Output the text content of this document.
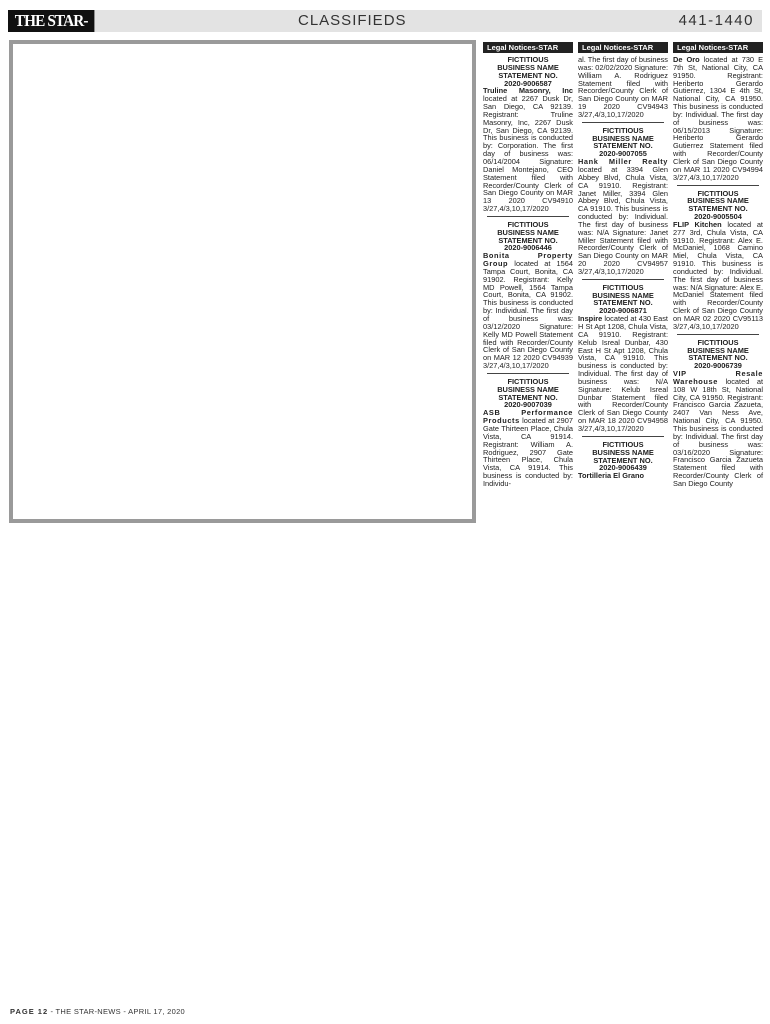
THE STAR-	CLASSIFIEDS	441-1440
Legal Notices-STAR
FICTITIOUS
BUSINESS NAME
STATEMENT NO.
2020-9006587
Truline Masonry, Inc located at 2267 Dusk Dr, San Diego, CA 92139. Registrant: Truline Masonry, Inc, 2267 Dusk Dr, San Diego, CA 92139. This business is conducted by: Corporation. The first day of business was: 06/14/2004 Signature: Daniel Montejano, CEO Statement filed with Recorder/County Clerk of San Diego County on MAR 13 2020 CV94910 3/27,4/3,10,17/2020
FICTITIOUS
BUSINESS NAME
STATEMENT NO.
2020-9006446
Bonita Property Group located at 1564 Tampa Court, Bonita, CA 91902. Registrant: Kelly MD Powell, 1564 Tampa Court, Bonita, CA 91902. This business is conducted by: Individual. The first day of business was: 03/12/2020 Signature: Kelly MD Powell Statement filed with Recorder/County Clerk of San Diego County on MAR 12 2020 CV94939 3/27,4/3,10,17/2020
FICTITIOUS
BUSINESS NAME
STATEMENT NO.
2020-9007039
ASB Performance Products located at 2907 Gate Thirteen Place, Chula Vista, CA 91914. Registrant: William A. Rodriguez, 2907 Gate Thirteen Place, Chula Vista, CA 91914. This business is conducted by: Individu-
Legal Notices-STAR
al. The first day of business was: 02/02/2020 Signature: William A. Rodriguez Statement filed with Recorder/County Clerk of San Diego County on MAR 19 2020 CV94943 3/27,4/3,10,17/2020
FICTITIOUS
BUSINESS NAME
STATEMENT NO.
2020-9007055
Hank Miller Realty located at 3394 Glen Abbey Blvd, Chula Vista, CA 91910. Registrant: Janet Miller, 3394 Glen Abbey Blvd, Chula Vista, CA 91910. This business is conducted by: Individual. The first day of business was: N/A Signature: Janet Miller Statement filed with Recorder/County Clerk of San Diego County on MAR 20 2020 CV94957 3/27,4/3,10,17/2020
FICTITIOUS
BUSINESS NAME
STATEMENT NO.
2020-9006871
Inspire located at 430 East H St Apt 1208, Chula Vista, CA 91910. Registrant: Kelub Isreal Dunbar, 430 East H St Apt 1208, Chula Vista, CA 91910. This business is conducted by: Individual. The first day of business was: N/A Signature: Kelub Isreal Dunbar Statement filed with Recorder/County Clerk of San Diego County on MAR 18 2020 CV94958 3/27,4/3,10,17/2020
FICTITIOUS
BUSINESS NAME
STATEMENT NO.
2020-9006439
Tortilleria El Grano
Legal Notices-STAR
De Oro located at 730 E 7th St, National City, CA 91950. Registrant: Heriberto Gerardo Gutierrez, 1304 E 4th St, National City, CA 91950. This business is conducted by: Individual. The first day of business was: 06/15/2013 Signature: Heriberto Gerardo Gutierrez Statement filed with Recorder/County Clerk of San Diego County on MAR 11 2020 CV94994 3/27,4/3,10,17/2020
FICTITIOUS
BUSINESS NAME
STATEMENT NO.
2020-9005504
FLIP Kitchen located at 277 3rd, Chula Vista, CA 91910. Registrant: Alex E. McDaniel, 1068 Camino Miel, Chula Vista, CA 91910. This business is conducted by: Individual. The first day of business was: N/A Signature: Alex E. McDaniel Statement filed with Recorder/County Clerk of San Diego County on MAR 02 2020 CV95113 3/27,4/3,10,17/2020
FICTITIOUS
BUSINESS NAME
STATEMENT NO.
2020-9006739
VIP Resale Warehouse located at 108 W 18th St, National City, CA 91950. Registrant: Francisco Garcia Zazueta, 2407 Van Ness Ave, National City, CA 91950. This business is conducted by: Individual. The first day of business was: 03/16/2020 Signature: Francisco Garcia Zazueta Statement filed with Recorder/County Clerk of San Diego County
PAGE 12 - THE STAR-NEWS - APRIL 17, 2020
